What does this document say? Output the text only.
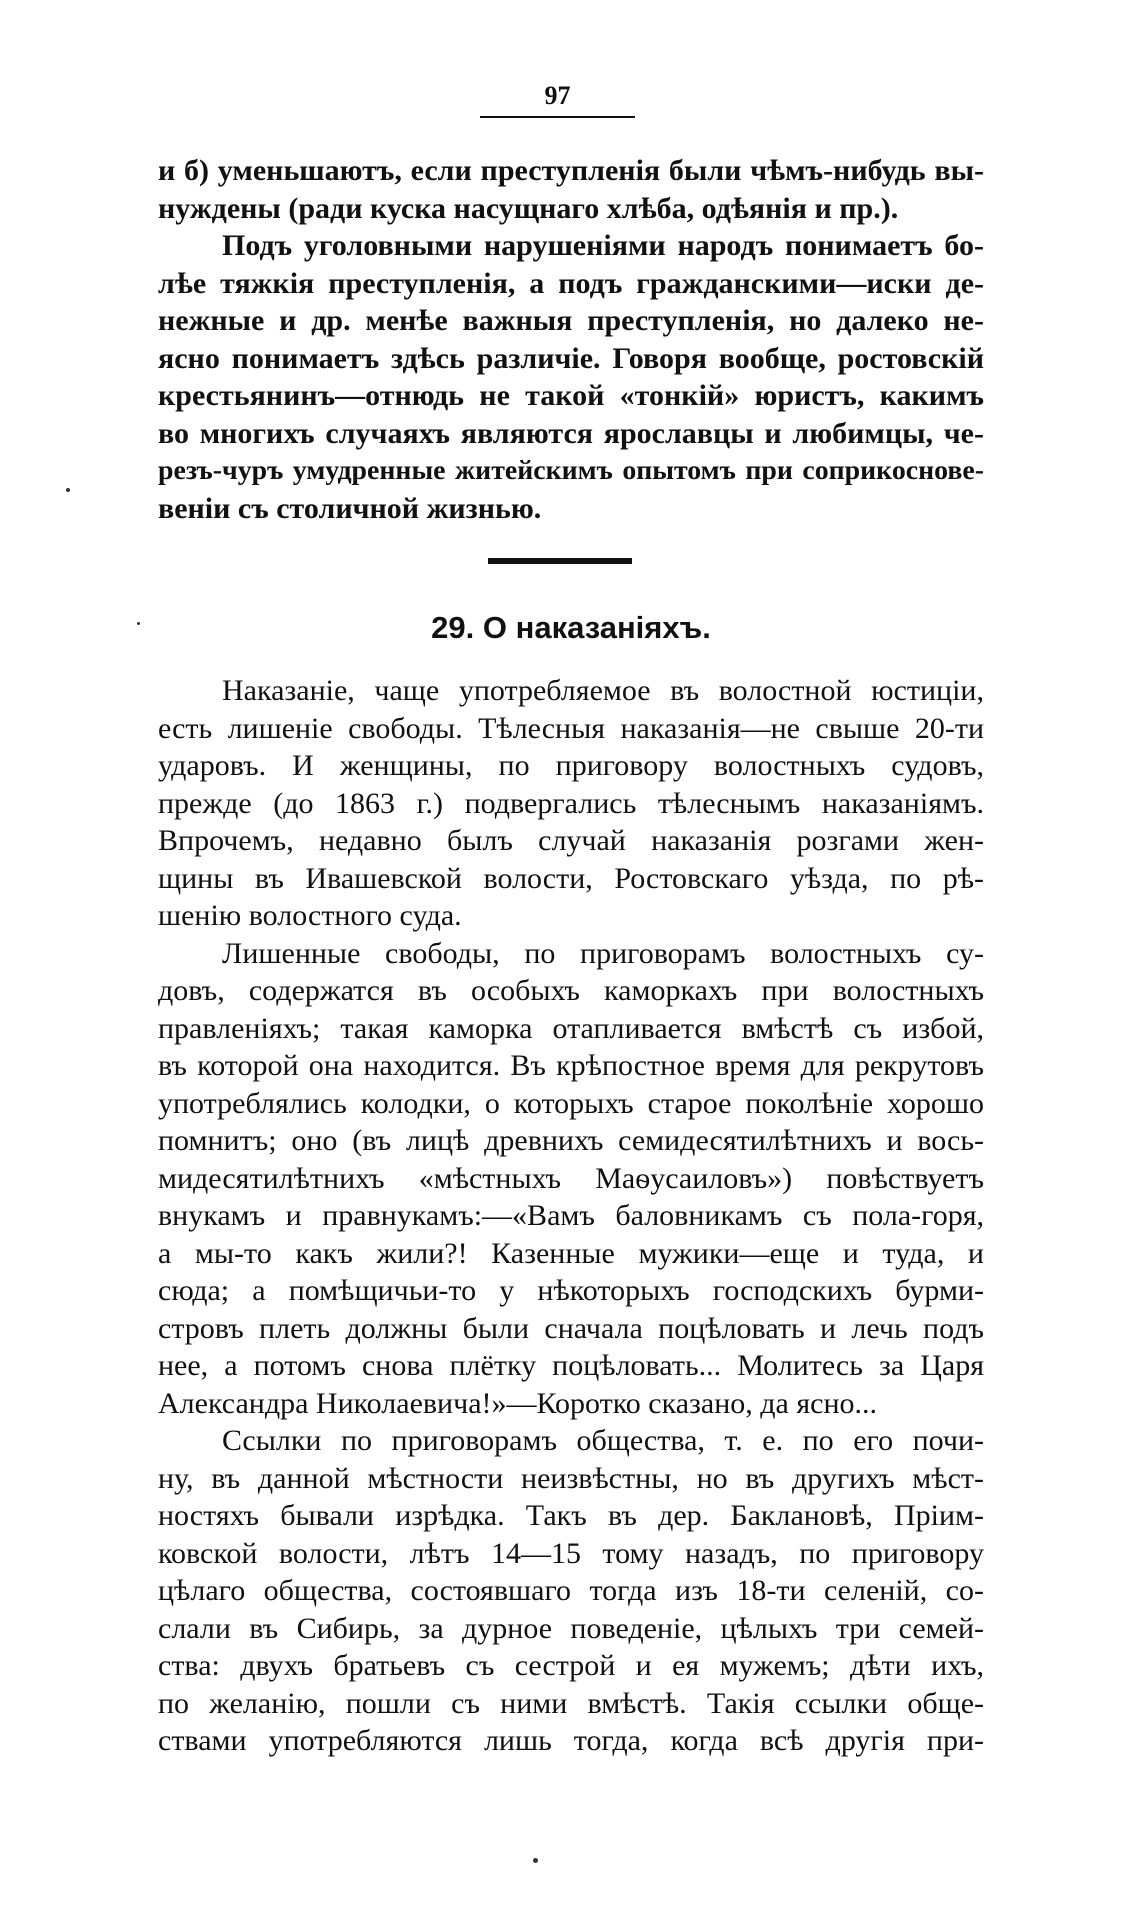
97

и б) уменьшаютъ, если преступленія были чѣмъ-нибудь вы-
нуждены (ради куска насущнаго хлѣба, одѣянія и пр.).

Подъ уголовными нарушеніями народъ понимаетъ бо-
лѣе тяжкія преступленія, а подъ гражданскими—иски де-
нежные и др. менѣе важныя преступленія, но далеко не-
ясно понимаетъ здѣсь различіе. Говоря вообще, ростовскій
крестьянинъ—отнюдь не такой «тонкій» юристъ, какимъ
во многихъ случаяхъ являются ярославцы и любимцы, че-
резъ-чуръ умудренные житейскимъ опытомъ при соприкоснове-
веніи съ столичной жизнью.

29. О наказаніяхъ.

Наказаніе, чаще употребляемое въ волостной юстиціи,
есть лишеніе свободы. Тѣлесныя наказанія—не свыше 20-ти
ударовъ. И женщины, по приговору волостныхъ судовъ,
прежде (до 1863 г.) подвергались тѣлеснымъ наказаніямъ.
Впрочемъ, недавно былъ случай наказанія розгами жен-
щины въ Ивашевской волости, Ростовскаго уѣзда, по рѣ-
шенію волостного суда.

Лишенные свободы, по приговорамъ волостныхъ су-
довъ, содержатся въ особыхъ каморкахъ при волостныхъ
правленіяхъ; такая каморка отапливается вмѣстѣ съ избой,
въ которой она находится. Въ крѣпостное время для рекрутовъ
употреблялись колодки, о которыхъ старое поколѣніе хорошо
помнитъ; оно (въ лицѣ древнихъ семидесятилѣтнихъ и вось-
мидесятилѣтнихъ «мѣстныхъ Маѳусаиловъ») повѣствуетъ
внукамъ и правнукамъ:—«Вамъ баловникамъ съ пола-горя,
а мы-то какъ жили?! Казенные мужики—еще и туда, и
сюда; а помѣщичьи-то у нѣкоторыхъ господскихъ бурми-
стровъ плеть должны были сначала поцѣловать и лечь подъ
нее, а потомъ снова плётку поцѣловать... Молитесь за Царя
Александра Николаевича!»—Коротко сказано, да ясно...

Ссылки по приговорамъ общества, т. е. по его почи-
ну, въ данной мѣстности неизвѣстны, но въ другихъ мѣст-
ностяхъ бывали изрѣдка. Такъ въ дер. Баклановѣ, Пріим-
ковской волости, лѣтъ 14—15 тому назадъ, по приговору
цѣлаго общества, состоявшаго тогда изъ 18-ти селеній, со-
слали въ Сибирь, за дурное поведеніе, цѣлыхъ три семей-
ства: двухъ братьевъ съ сестрой и ея мужемъ; дѣти ихъ,
по желанію, пошли съ ними вмѣстѣ. Такія ссылки обще-
ствами употребляются лишь тогда, когда всѣ другія при-
